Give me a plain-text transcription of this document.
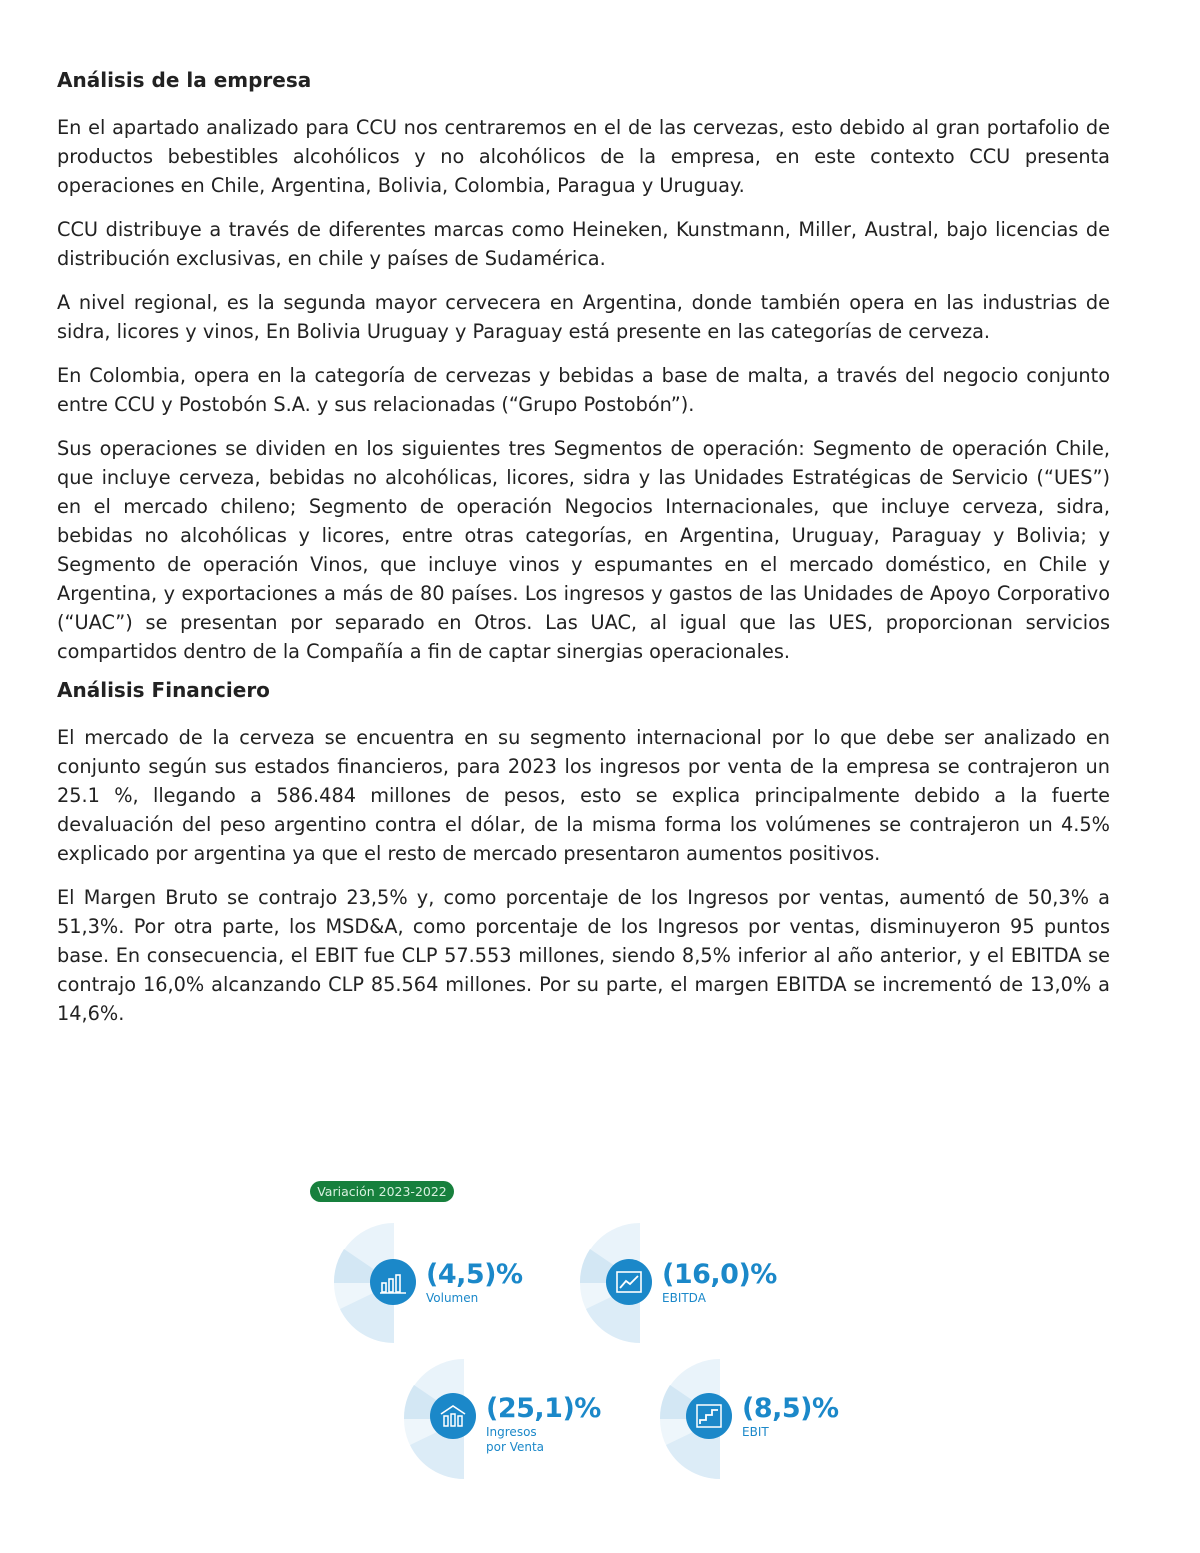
Análisis de la empresa

En el apartado analizado para CCU nos centraremos en el de las cervezas, esto debido al gran portafolio de productos bebestibles alcohólicos y no alcohólicos de la empresa, en este contexto CCU presenta operaciones en Chile, Argentina, Bolivia, Colombia, Paragua y Uruguay.

CCU distribuye a través de diferentes marcas como Heineken, Kunstmann, Miller, Austral, bajo licencias de distribución exclusivas, en chile y países de Sudamérica.

A nivel regional, es la segunda mayor cervecera en Argentina, donde también opera en las industrias de sidra, licores y vinos, En Bolivia Uruguay y Paraguay está presente en las categorías de cerveza.

En Colombia, opera en la categoría de cervezas y bebidas a base de malta, a través del negocio conjunto entre CCU y Postobón S.A. y sus relacionadas (“Grupo Postobón”).

Sus operaciones se dividen en los siguientes tres Segmentos de operación: Segmento de operación Chile, que incluye cerveza, bebidas no alcohólicas, licores, sidra y las Unidades Estratégicas de Servicio (“UES”) en el mercado chileno; Segmento de operación Negocios Internacionales, que incluye cerveza, sidra, bebidas no alcohólicas y licores, entre otras categorías, en Argentina, Uruguay, Paraguay y Bolivia; y Segmento de operación Vinos, que incluye vinos y espumantes en el mercado doméstico, en Chile y Argentina, y exportaciones a más de 80 países. Los ingresos y gastos de las Unidades de Apoyo Corporativo (“UAC”) se presentan por separado en Otros. Las UAC, al igual que las UES, proporcionan servicios compartidos dentro de la Compañía a fin de captar sinergias operacionales.

Análisis Financiero

El mercado de la cerveza se encuentra en su segmento internacional por lo que debe ser analizado en conjunto según sus estados financieros, para 2023 los ingresos por venta de la empresa se contrajeron un 25.1 %, llegando a 586.484 millones de pesos, esto se explica principalmente debido a la fuerte devaluación del peso argentino contra el dólar, de la misma forma los volúmenes se contrajeron un 4.5% explicado por argentina ya que el resto de mercado presentaron aumentos positivos.

El Margen Bruto se contrajo 23,5% y, como porcentaje de los Ingresos por ventas, aumentó de 50,3% a 51,3%. Por otra parte, los MSD&A, como porcentaje de los Ingresos por ventas, disminuyeron 95 puntos base. En consecuencia, el EBIT fue CLP 57.553 millones, siendo 8,5% inferior al año anterior, y el EBITDA se contrajo 16,0% alcanzando CLP 85.564 millones. Por su parte, el margen EBITDA se incrementó de 13,0% a 14,6%.

Variación 2023-2022
(4,5)%
Volumen
(16,0)%
EBITDA
(25,1)%
Ingresos
por Venta
(8,5)%
EBIT
